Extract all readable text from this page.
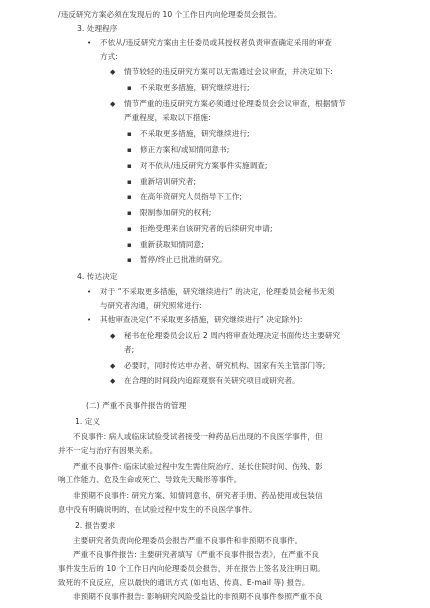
/违反研究方案必须在发现后的 10 个工作日内向伦理委员会报告。
3. 处理程序
• 不依从/违反研究方案由主任委员或其授权者负责审查确定采用的审查
方式:
◆ 情节较轻的违反研究方案可以无需通过会议审查，并决定如下:
▪ 不采取更多措施，研究继续进行;
◆ 情节严重的违反研究方案必须通过伦理委员会会议审查，根据情节
严重程度，采取以下措施:
▪ 不采取更多措施，研究继续进行;
▪ 修正方案和/或知情同意书;
▪ 对不依从/违反研究方案事件实施调查;
▪ 重新培训研究者;
▪ 在高年资研究人员指导下工作;
▪ 限制参加研究的权利;
▪ 拒绝受理来自该研究者的后续研究申请;
▪ 重新获取知情同意;
▪ 暂停/终止已批准的研究。
4. 传达决定
• 对于 “不采取更多措施，研究继续进行” 的决定，伦理委员会秘书无须
与研究者沟通，研究照常进行:
• 其他审查决定(“不采取更多措施，研究继续进行” 决定除外):
◆ 秘书在伦理委员会议后 2 周内将审查处理决定书面传达主要研究
者;
◆ 必要时，同时传达申办者、研究机构、国家有关主管部门等;
◆ 在合理的时间段内追踪观察有关研究项目或研究者。
(二) 严重不良事件报告的管理
1. 定义
不良事件: 病人或临床试验受试者接受一种药品后出现的不良医学事件，但
并不一定与治疗有因果关系。
严重不良事件: 临床试验过程中发生需住院治疗、延长住院时间、伤残、影
响工作能力、危及生命或死亡、导致先天畸形等事件。
非预期不良事件: 研究方案、知情同意书、研究者手册、药品使用或包装信
息中没有明确说明的、在试验过程中发生的不良医学事件。
2. 报告要求
主要研究者负责向伦理委员会报告严重不良事件和非预期不良事件。
严重不良事件报告: 主要研究者填写《严重不良事件报告表》，在严重不良
事件发生后的 10 个工作日内向伦理委员会报告，并在报告上签名及注明日期。
致死的不良反应，应以最快的通讯方式 (如电话、传真、E-mail 等) 报告。
非预期不良事件报告: 影响研究风险受益比的非预期不良事件参照严重不良
